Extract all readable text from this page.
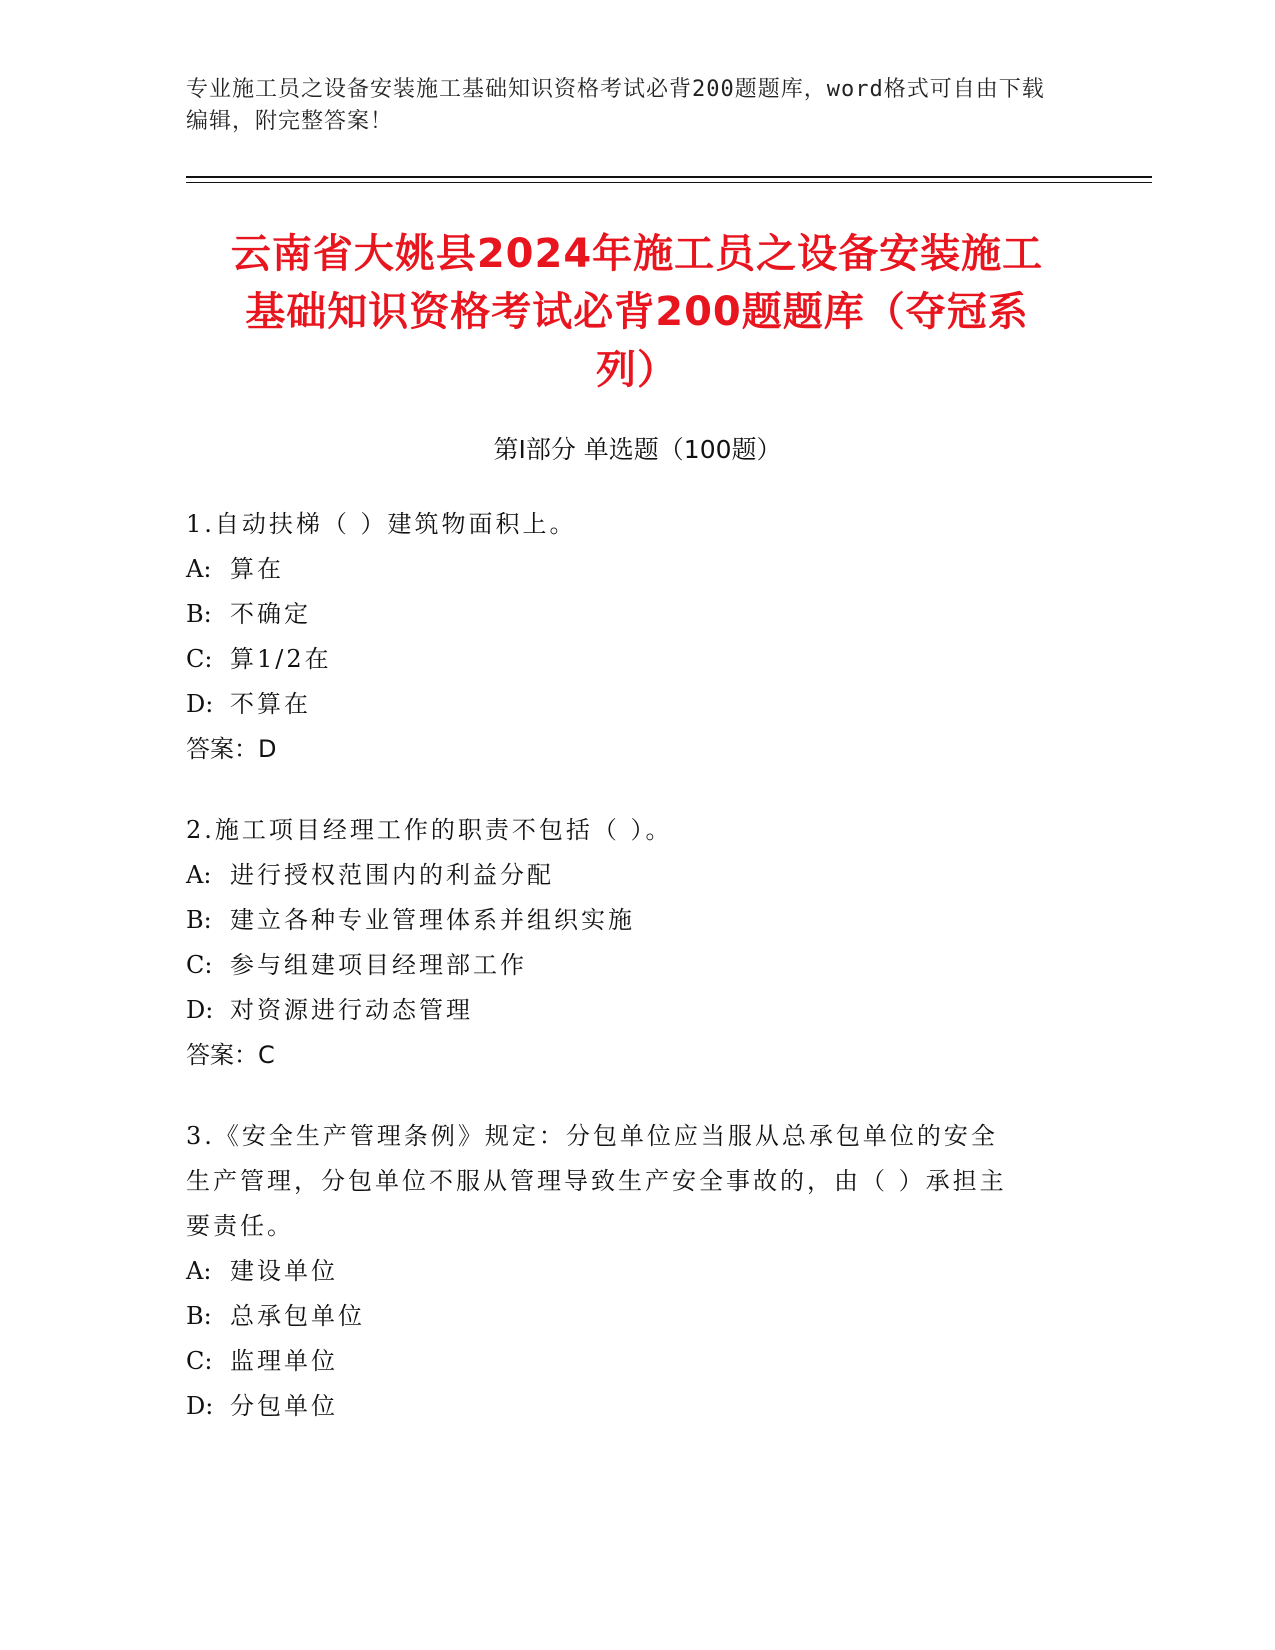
专业施工员之设备安装施工基础知识资格考试必背200题题库，word格式可自由下载编辑，附完整答案！
云南省大姚县2024年施工员之设备安装施工
基础知识资格考试必背200题题库（夺冠系
列）
第Ⅰ部分 单选题（100题）
1.自动扶梯（ ）建筑物面积上。
A: 算在
B: 不确定
C: 算1/2在
D: 不算在
答案：D
2.施工项目经理工作的职责不包括（ ）。
A: 进行授权范围内的利益分配
B: 建立各种专业管理体系并组织实施
C: 参与组建项目经理部工作
D: 对资源进行动态管理
答案：C
3.《安全生产管理条例》规定：分包单位应当服从总承包单位的安全
生产管理，分包单位不服从管理导致生产安全事故的，由（ ）承担主
要责任。
A: 建设单位
B: 总承包单位
C: 监理单位
D: 分包单位
